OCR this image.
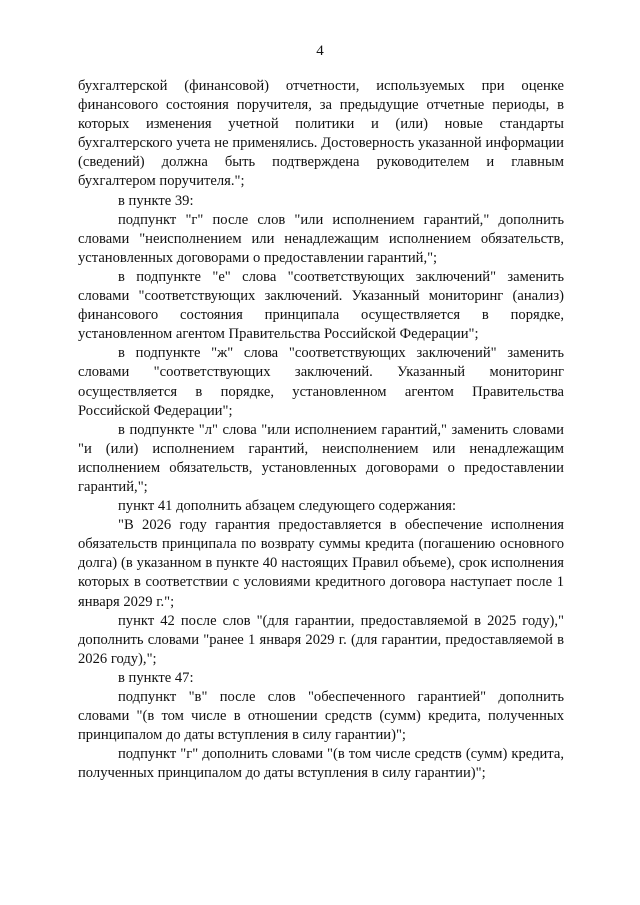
4

бухгалтерской (финансовой) отчетности, используемых при оценке финансового состояния поручителя, за предыдущие отчетные периоды, в которых изменения учетной политики и (или) новые стандарты бухгалтерского учета не применялись. Достоверность указанной информации (сведений) должна быть подтверждена руководителем и главным бухгалтером поручителя.";

в пункте 39:

подпункт "г" после слов "или исполнением гарантий," дополнить словами "неисполнением или ненадлежащим исполнением обязательств, установленных договорами о предоставлении гарантий,";

в подпункте "е" слова "соответствующих заключений" заменить словами "соответствующих заключений. Указанный мониторинг (анализ) финансового состояния принципала осуществляется в порядке, установленном агентом Правительства Российской Федерации";

в подпункте "ж" слова "соответствующих заключений" заменить словами "соответствующих заключений. Указанный мониторинг осуществляется в порядке, установленном агентом Правительства Российской Федерации";

в подпункте "л" слова "или исполнением гарантий," заменить словами "и (или) исполнением гарантий, неисполнением или ненадлежащим исполнением обязательств, установленных договорами о предоставлении гарантий,";

пункт 41 дополнить абзацем следующего содержания:

"В 2026 году гарантия предоставляется в обеспечение исполнения обязательств принципала по возврату суммы кредита (погашению основного долга) (в указанном в пункте 40 настоящих Правил объеме), срок исполнения которых в соответствии с условиями кредитного договора наступает после 1 января 2029 г.";

пункт 42 после слов "(для гарантии, предоставляемой в 2025 году)," дополнить словами "ранее 1 января 2029 г. (для гарантии, предоставляемой в 2026 году),";

в пункте 47:

подпункт "в" после слов "обеспеченного гарантией" дополнить словами "(в том числе в отношении средств (сумм) кредита, полученных принципалом до даты вступления в силу гарантии)";

подпункт "г" дополнить словами "(в том числе средств (сумм) кредита, полученных принципалом до даты вступления в силу гарантии)";
